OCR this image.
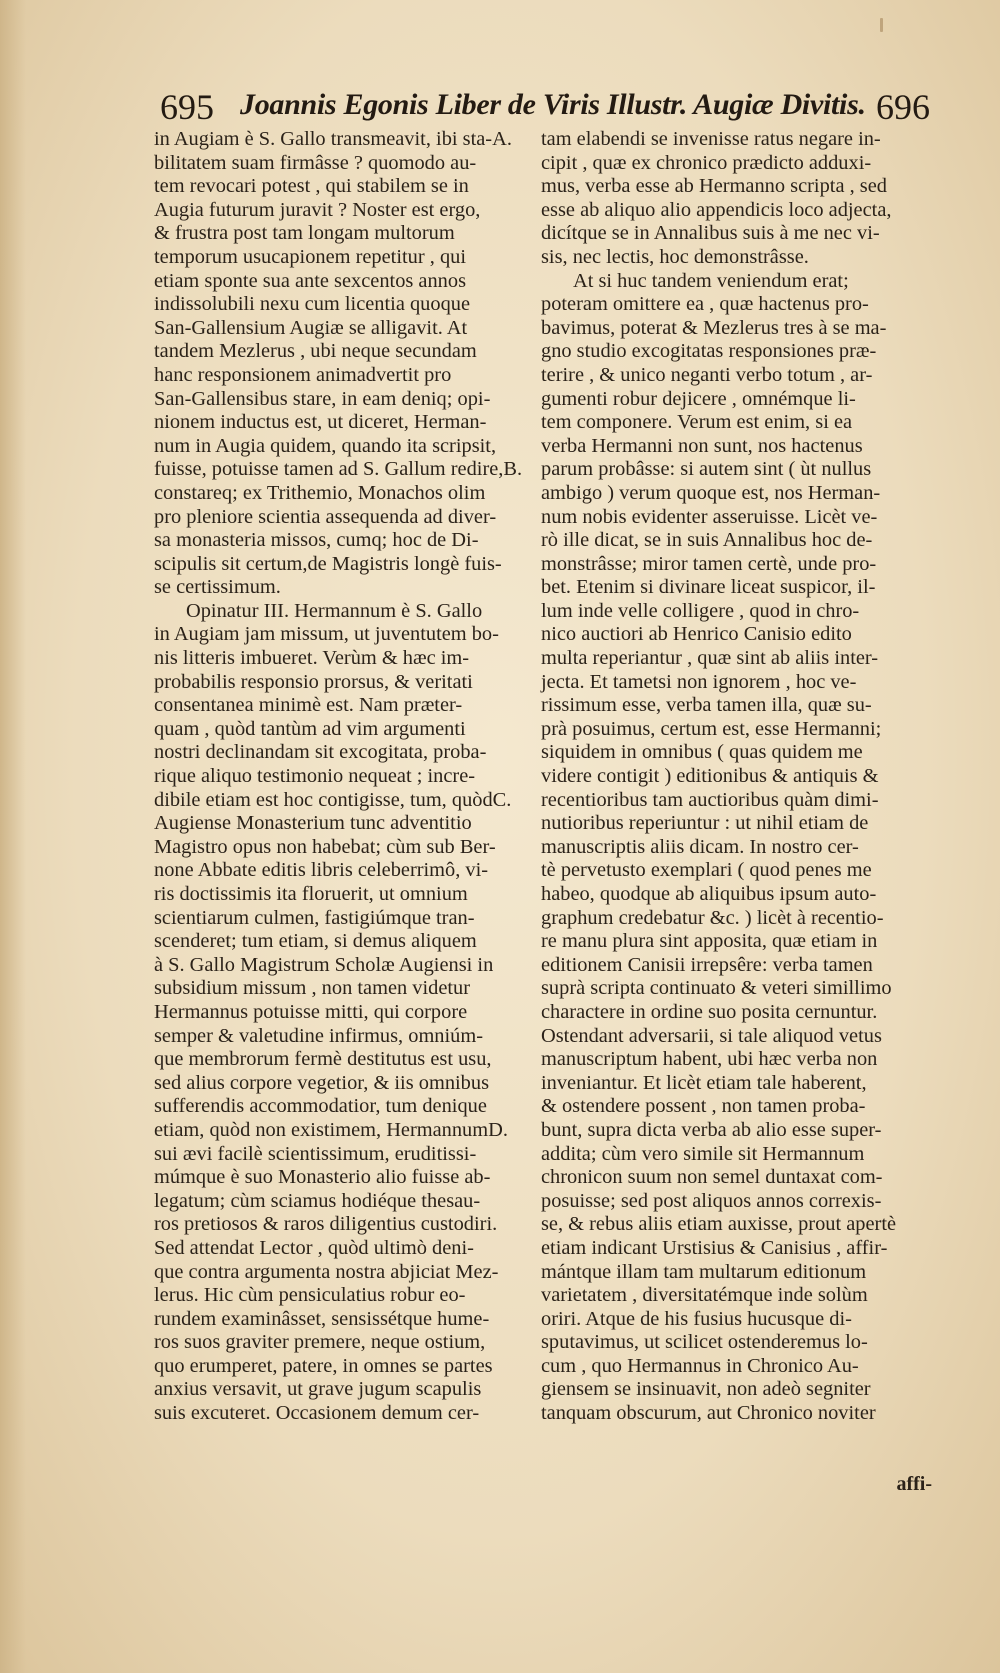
695 Joannis Egonis Liber de Viris Illustr. Augiæ Divitis. 696
in Augiam è S. Gallo transmeavit, ibi sta-A.
bilitatem suam firmâsse ? quomodo au-
tem revocari potest , qui stabilem se in
Augia futurum juravit ? Noster est ergo,
& frustra post tam longam multorum
temporum usucapionem repetitur , qui
etiam sponte sua ante sexcentos annos
indissolubili nexu cum licentia quoque
San-Gallensium Augiæ se alligavit. At
tandem Mezlerus , ubi neque secundam
hanc responsionem animadvertit pro
San-Gallensibus stare, in eam deniq; opi-
nionem inductus est, ut diceret, Herman-
num in Augia quidem, quando ita scripsit,
fuisse, potuisse tamen ad S. Gallum redire,B.
constareq; ex Trithemio, Monachos olim
pro pleniore scientia assequenda ad diver-
sa monasteria missos, cumq; hoc de Di-
scipulis sit certum,de Magistris longè fuis-
se certissimum.
Opinatur III. Hermannum è S. Gallo
in Augiam jam missum, ut juventutem bo-
nis litteris imbueret. Verùm & hæc im-
probabilis responsio prorsus, & veritati
consentanea minimè est. Nam præter-
quam , quòd tantùm ad vim argumenti
nostri declinandam sit excogitata, proba-
rique aliquo testimonio nequeat ; incre-
dibile etiam est hoc contigisse, tum, quòdC.
Augiense Monasterium tunc adventitio
Magistro opus non habebat; cùm sub Ber-
none Abbate editis libris celeberrimô, vi-
ris doctissimis ita floruerit, ut omnium
scientiarum culmen, fastigiúmque tran-
scenderet; tum etiam, si demus aliquem
à S. Gallo Magistrum Scholæ Augiensi in
subsidium missum , non tamen videtur
Hermannus potuisse mitti, qui corpore
semper & valetudine infirmus, omniúm-
que membrorum fermè destitutus est usu,
sed alius corpore vegetior, & iis omnibus
sufferendis accommodatior, tum denique
etiam, quòd non existimem, HermannumD.
sui ævi facilè scientissimum, eruditissi-
múmque è suo Monasterio alio fuisse ab-
legatum; cùm sciamus hodiéque thesau-
ros pretiosos & raros diligentius custodiri.
Sed attendat Lector , quòd ultimò deni-
que contra argumenta nostra abjiciat Mez-
lerus. Hic cùm pensiculatius robur eo-
rundem examinâsset, sensissétque hume-
ros suos graviter premere, neque ostium,
quo erumperet, patere, in omnes se partes
anxius versavit, ut grave jugum scapulis
suis excuteret. Occasionem demum cer-
tam elabendi se invenisse ratus negare in-
cipit , quæ ex chronico prædicto adduxi-
mus, verba esse ab Hermanno scripta , sed
esse ab aliquo alio appendicis loco adjecta,
dicítque se in Annalibus suis à me nec vi-
sis, nec lectis, hoc demonstrâsse.
At si huc tandem veniendum erat;
poteram omittere ea , quæ hactenus pro-
bavimus, poterat & Mezlerus tres à se ma-
gno studio excogitatas responsiones præ-
terire , & unico neganti verbo totum , ar-
gumenti robur dejicere , omnémque li-
tem componere. Verum est enim, si ea
verba Hermanni non sunt, nos hactenus
parum probâsse: si autem sint ( ùt nullus
ambigo ) verum quoque est, nos Herman-
num nobis evidenter asseruisse. Licèt ve-
rò ille dicat, se in suis Annalibus hoc de-
monstrâsse; miror tamen certè, unde pro-
bet. Etenim si divinare liceat suspicor, il-
lum inde velle colligere , quod in chro-
nico auctiori ab Henrico Canisio edito
multa reperiantur , quæ sint ab aliis inter-
jecta. Et tametsi non ignorem , hoc ve-
rissimum esse, verba tamen illa, quæ su-
prà posuimus, certum est, esse Hermanni;
siquidem in omnibus ( quas quidem me
videre contigit ) editionibus & antiquis &
recentioribus tam auctioribus quàm dimi-
nutioribus reperiuntur : ut nihil etiam de
manuscriptis aliis dicam. In nostro cer-
tè pervetusto exemplari ( quod penes me
habeo, quodque ab aliquibus ipsum auto-
graphum credebatur &c. ) licèt à recentio-
re manu plura sint apposita, quæ etiam in
editionem Canisii irrepsêre: verba tamen
suprà scripta continuato & veteri simillimo
charactere in ordine suo posita cernuntur.
Ostendant adversarii, si tale aliquod vetus
manuscriptum habent, ubi hæc verba non
inveniantur. Et licèt etiam tale haberent,
& ostendere possent , non tamen proba-
bunt, supra dicta verba ab alio esse super-
addita; cùm vero simile sit Hermannum
chronicon suum non semel duntaxat com-
posuisse; sed post aliquos annos correxis-
se, & rebus aliis etiam auxisse, prout apertè
etiam indicant Urstisius & Canisius , affir-
mántque illam tam multarum editionum
varietatem , diversitatémque inde solùm
oriri. Atque de his fusius hucusque di-
sputavimus, ut scilicet ostenderemus lo-
cum , quo Hermannus in Chronico Au-
giensem se insinuavit, non adeò segniter
tanquam obscurum, aut Chronico noviter
affi-
